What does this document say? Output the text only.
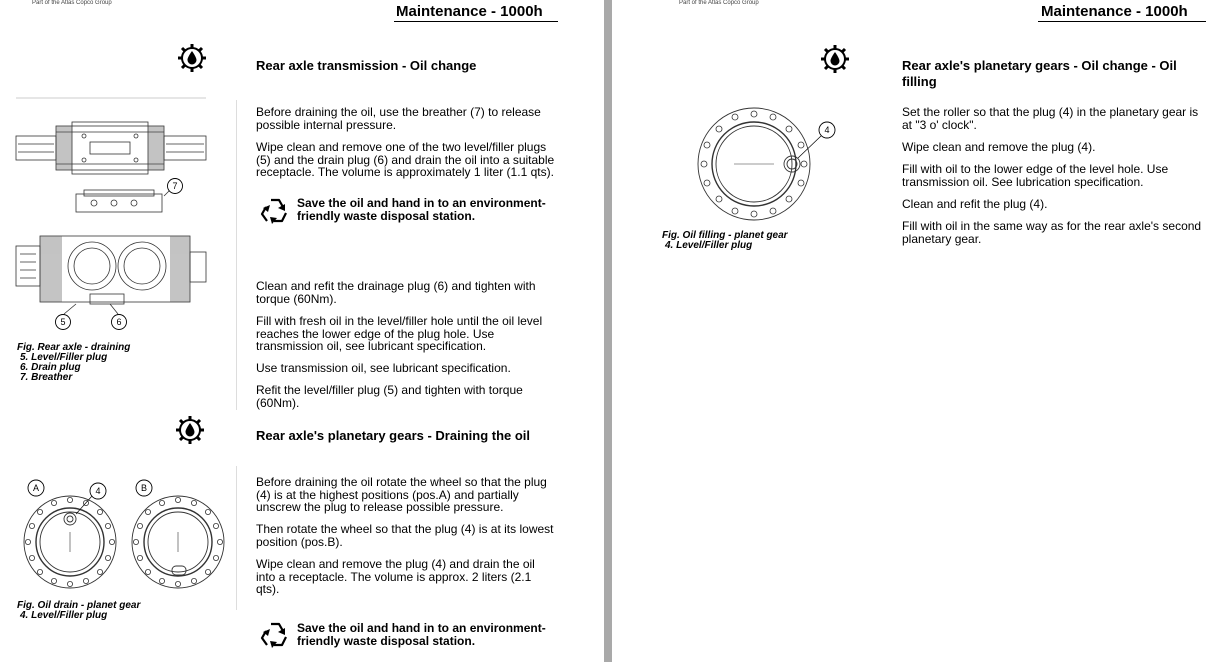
Part of the Atlas Copco Group	Maintenance - 1000h
Rear axle transmission - Oil change

Before draining the oil, use the breather (7) to release possible internal pressure.

Wipe clean and remove one of the two level/filler plugs (5) and the drain plug (6) and drain the oil into a suitable receptacle. The volume is approximately 1 liter (1.1 qts).

Save the oil and hand in to an environment-friendly waste disposal station.

Clean and refit the drainage plug (6) and tighten with torque (60Nm).

Fill with fresh oil in the level/filler hole until the oil level reaches the lower edge of the plug hole. Use transmission oil, see lubricant specification.

Use transmission oil, see lubricant specification.

Refit the level/filler plug (5) and tighten with torque (60Nm).

7
5	6
Fig. Rear axle - draining
5. Level/Filler plug
6. Drain plug
7. Breather
Rear axle's planetary gears - Draining the oil

Before draining the oil rotate the wheel so that the plug (4) is at the highest positions (pos.A) and partially unscrew the plug to release possible pressure.

Then rotate the wheel so that the plug (4) is at its lowest position (pos.B).

Wipe clean and remove the plug (4) and drain the oil into a receptacle. The volume is approx. 2 liters (2.1 qts).

Save the oil and hand in to an environment-friendly waste disposal station.
A	4	B
Fig. Oil drain - planet gear
4. Level/Filler plug
Part of the Atlas Copco Group	Maintenance - 1000h
Rear axle's planetary gears - Oil change - Oil filling

Set the roller so that the plug (4) in the planetary gear is at "3 o' clock".

Wipe clean and remove the plug (4).

Fill with oil to the lower edge of the level hole. Use transmission oil. See lubrication specification.

Clean and refit the plug (4).

Fill with oil in the same way as for the rear axle's second planetary gear.

4
Fig. Oil filling - planet gear
4. Level/Filler plug
